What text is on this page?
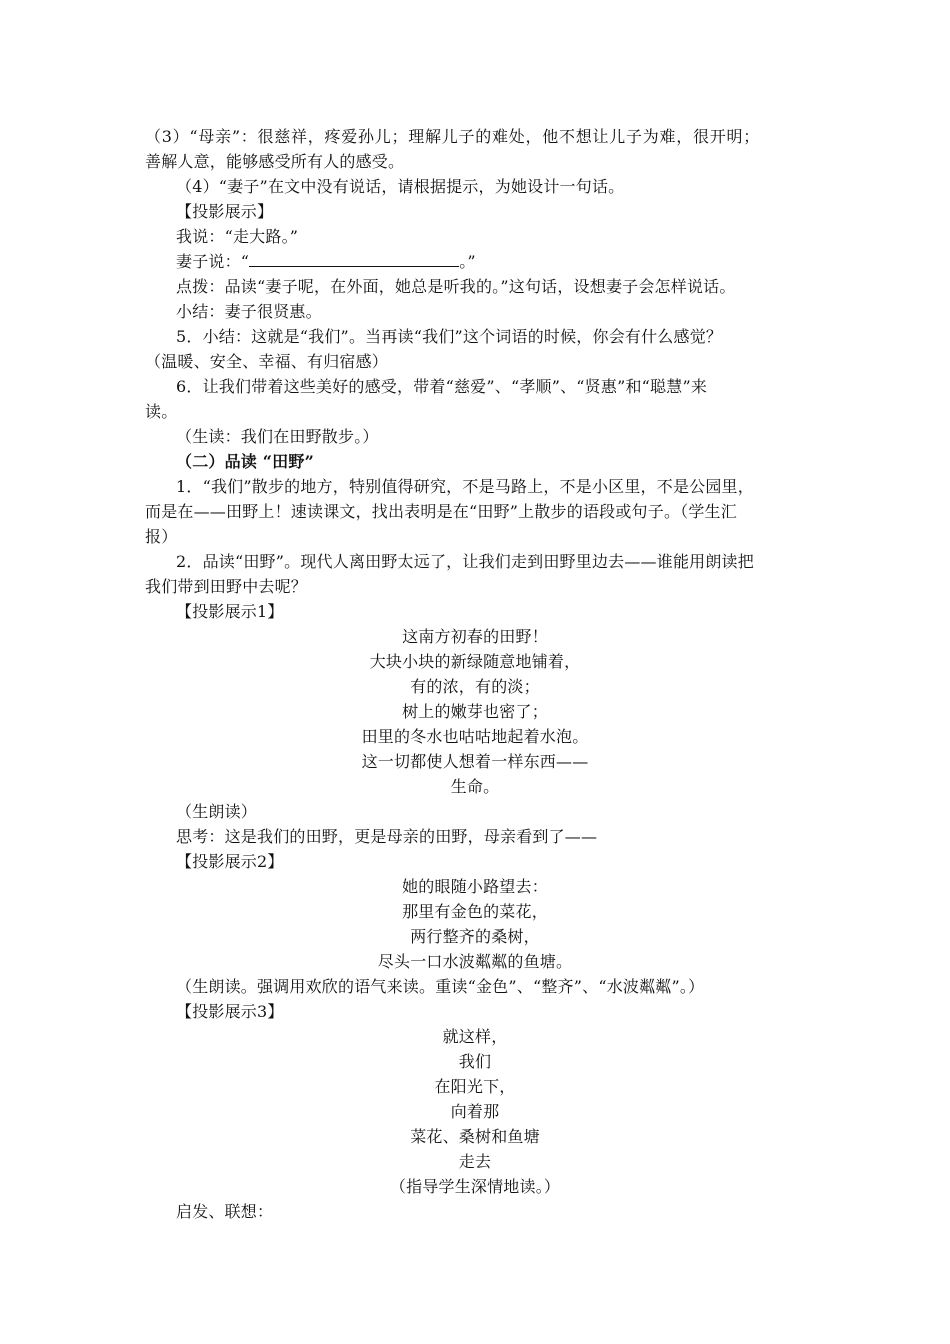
（3）“母亲”：很慈祥，疼爱孙儿；理解儿子的难处，他不想让儿子为难，很开明；
善解人意，能够感受所有人的感受。
（4）“妻子”在文中没有说话，请根据提示，为她设计一句话。
【投影展示】
我说：“走大路。”
妻子说：“	。”
点拨：品读“妻子呢，在外面，她总是听我的。”这句话，设想妻子会怎样说话。
小结：妻子很贤惠。
5．小结：这就是“我们”。当再读“我们”这个词语的时候，你会有什么感觉？
（温暖、安全、幸福、有归宿感）
6．让我们带着这些美好的感受，带着“慈爱”、“孝顺”、“贤惠”和“聪慧”来
读。
（生读：我们在田野散步。）
（二）品读 “田野”
1．“我们”散步的地方，特别值得研究，不是马路上，不是小区里，不是公园里，
而是在——田野上！速读课文，找出表明是在“田野”上散步的语段或句子。（学生汇
报）
2．品读“田野”。现代人离田野太远了，让我们走到田野里边去——谁能用朗读把
我们带到田野中去呢？
【投影展示1】
这南方初春的田野！
大块小块的新绿随意地铺着，
有的浓，有的淡；
树上的嫩芽也密了；
田里的冬水也咕咕地起着水泡。
这一切都使人想着一样东西——
生命。
（生朗读）
思考：这是我们的田野，更是母亲的田野，母亲看到了——
【投影展示2】
她的眼随小路望去：
那里有金色的菜花，
两行整齐的桑树，
尽头一口水波粼粼的鱼塘。
（生朗读。强调用欢欣的语气来读。重读“金色”、“整齐”、“水波粼粼”。）
【投影展示3】
就这样，
我们
在阳光下，
向着那
菜花、桑树和鱼塘
走去
（指导学生深情地读。）
启发、联想：
